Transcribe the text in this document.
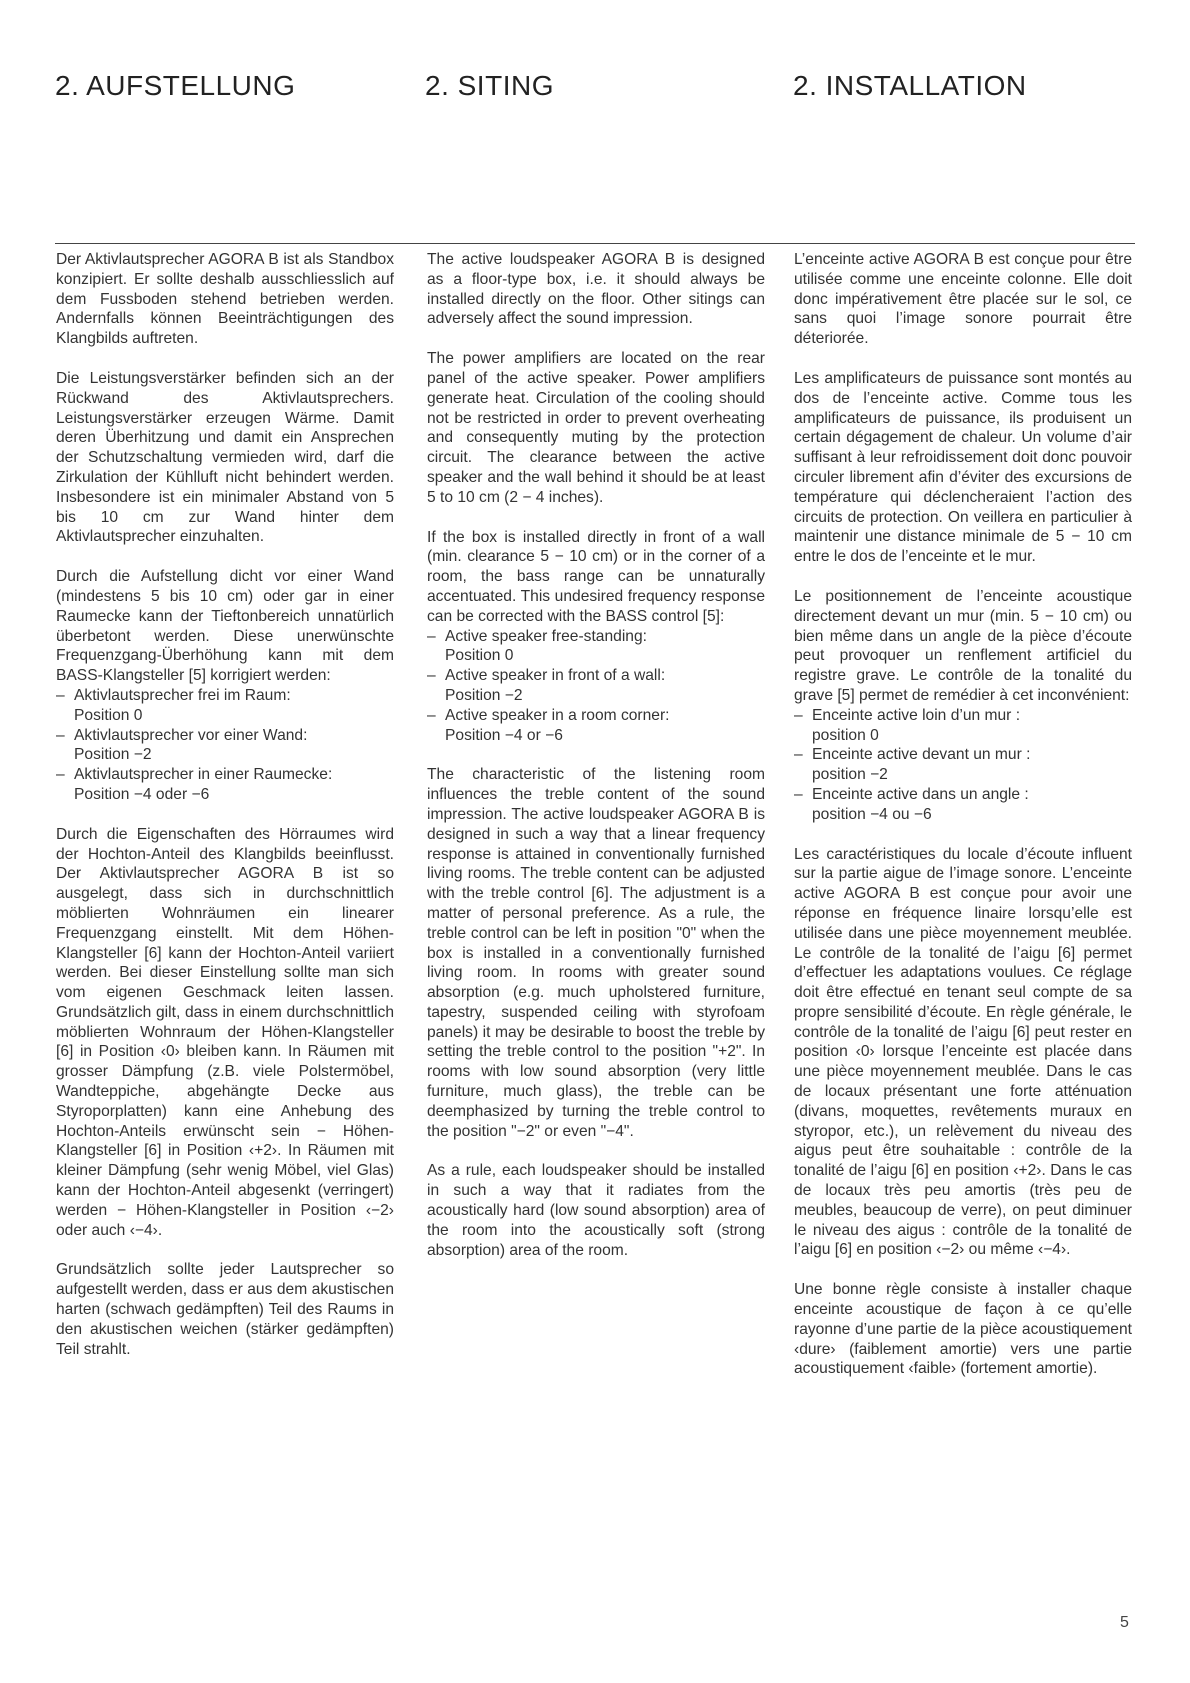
2. AUFSTELLUNG	2. SITING	2. INSTALLATION

Der Aktivlautsprecher AGORA B ist als Standbox konzipiert. Er sollte deshalb ausschliesslich auf dem Fussboden stehend betrieben werden. Andernfalls können Beeinträchtigungen des Klangbilds auftreten.

Die Leistungsverstärker befinden sich an der Rückwand des Aktivlautsprechers. Leistungsverstärker erzeugen Wärme. Damit deren Überhitzung und damit ein Ansprechen der Schutzschaltung vermieden wird, darf die Zirkulation der Kühlluft nicht behindert werden. Insbesondere ist ein minimaler Abstand von 5 bis 10 cm zur Wand hinter dem Aktivlautsprecher einzuhalten.

Durch die Aufstellung dicht vor einer Wand (mindestens 5 bis 10 cm) oder gar in einer Raumecke kann der Tieftonbereich unnatürlich überbetont werden. Diese unerwünschte Frequenzgang-Überhöhung kann mit dem BASS-Klangsteller [5] korrigiert werden:

– Aktivlautsprecher frei im Raum:
Position 0
– Aktivlautsprecher vor einer Wand:
Position −2
– Aktivlautsprecher in einer Raumecke:
Position −4 oder −6

Durch die Eigenschaften des Hörraumes wird der Hochton-Anteil des Klangbilds beeinflusst. Der Aktivlautsprecher AGORA B ist so ausgelegt, dass sich in durchschnittlich möblierten Wohnräumen ein linearer Frequenzgang einstellt. Mit dem Höhen-Klangsteller [6] kann der Hochton-Anteil variiert werden. Bei dieser Einstellung sollte man sich vom eigenen Geschmack leiten lassen. Grundsätzlich gilt, dass in einem durchschnittlich möblierten Wohnraum der Höhen-Klangsteller [6] in Position ‹0› bleiben kann. In Räumen mit grosser Dämpfung (z.B. viele Polstermöbel, Wandteppiche, abgehängte Decke aus Styroporplatten) kann eine Anhebung des Hochton-Anteils erwünscht sein − Höhen-Klangsteller [6] in Position ‹+2›. In Räumen mit kleiner Dämpfung (sehr wenig Möbel, viel Glas) kann der Hochton-Anteil abgesenkt (verringert) werden − Höhen-Klangsteller in Position ‹−2› oder auch ‹−4›.

Grundsätzlich sollte jeder Lautsprecher so aufgestellt werden, dass er aus dem akustischen harten (schwach gedämpften) Teil des Raums in den akustischen weichen (stärker gedämpften) Teil strahlt.

The active loudspeaker AGORA B is designed as a floor-type box, i.e. it should always be installed directly on the floor. Other sitings can adversely affect the sound impression.

The power amplifiers are located on the rear panel of the active speaker. Power amplifiers generate heat. Circulation of the cooling should not be restricted in order to prevent overheating and consequently muting by the protection circuit. The clearance between the active speaker and the wall behind it should be at least 5 to 10 cm (2 − 4 inches).

If the box is installed directly in front of a wall (min. clearance 5 − 10 cm) or in the corner of a room, the bass range can be unnaturally accentuated. This undesired frequency response can be corrected with the BASS control [5]:

– Active speaker free-standing:
Position 0
– Active speaker in front of a wall:
Position −2
– Active speaker in a room corner:
Position −4 or −6

The characteristic of the listening room influences the treble content of the sound impression. The active loudspeaker AGORA B is designed in such a way that a linear frequency response is attained in conventionally furnished living rooms. The treble content can be adjusted with the treble control [6]. The adjustment is a matter of personal preference. As a rule, the treble control can be left in position "0" when the box is installed in a conventionally furnished living room. In rooms with greater sound absorption (e.g. much upholstered furniture, tapestry, suspended ceiling with styrofoam panels) it may be desirable to boost the treble by setting the treble control to the position "+2". In rooms with low sound absorption (very little furniture, much glass), the treble can be deemphasized by turning the treble control to the position "−2" or even "−4".

As a rule, each loudspeaker should be installed in such a way that it radiates from the acoustically hard (low sound absorption) area of the room into the acoustically soft (strong absorption) area of the room.

L’enceinte active AGORA B est conçue pour être utilisée comme une enceinte colonne. Elle doit donc impérativement être placée sur le sol, ce sans quoi l’image sonore pourrait être déteriorée.

Les amplificateurs de puissance sont montés au dos de l’enceinte active. Comme tous les amplificateurs de puissance, ils produisent un certain dégagement de chaleur. Un volume d’air suffisant à leur refroidissement doit donc pouvoir circuler librement afin d’éviter des excursions de température qui déclencheraient l’action des circuits de protection. On veillera en particulier à maintenir une distance minimale de 5 − 10 cm entre le dos de l’enceinte et le mur.

Le positionnement de l’enceinte acoustique directement devant un mur (min. 5 − 10 cm) ou bien même dans un angle de la pièce d’écoute peut provoquer un renflement artificiel du registre grave. Le contrôle de la tonalité du grave [5] permet de remédier à cet inconvénient:

– Enceinte active loin d’un mur :
position 0
– Enceinte active devant un mur :
position −2
– Enceinte active dans un angle :
position −4 ou −6

Les caractéristiques du locale d’écoute influent sur la partie aigue de l’image sonore. L’enceinte active AGORA B est conçue pour avoir une réponse en fréquence linaire lorsqu’elle est utilisée dans une pièce moyennement meublée. Le contrôle de la tonalité de l’aigu [6] permet d’effectuer les adaptations voulues. Ce réglage doit être effectué en tenant seul compte de sa propre sensibilité d’écoute. En règle générale, le contrôle de la tonalité de l’aigu [6] peut rester en position ‹0› lorsque l’enceinte est placée dans une pièce moyennement meublée. Dans le cas de locaux présentant une forte atténuation (divans, moquettes, revêtements muraux en styropor, etc.), un relèvement du niveau des aigus peut être souhaitable : contrôle de la tonalité de l’aigu [6] en position ‹+2›. Dans le cas de locaux très peu amortis (très peu de meubles, beaucoup de verre), on peut diminuer le niveau des aigus : contrôle de la tonalité de l’aigu [6] en position ‹−2› ou même ‹−4›.

Une bonne règle consiste à installer chaque enceinte acoustique de façon à ce qu’elle rayonne d’une partie de la pièce acoustiquement ‹dure› (faiblement amortie) vers une partie acoustiquement ‹faible› (fortement amortie).

5
